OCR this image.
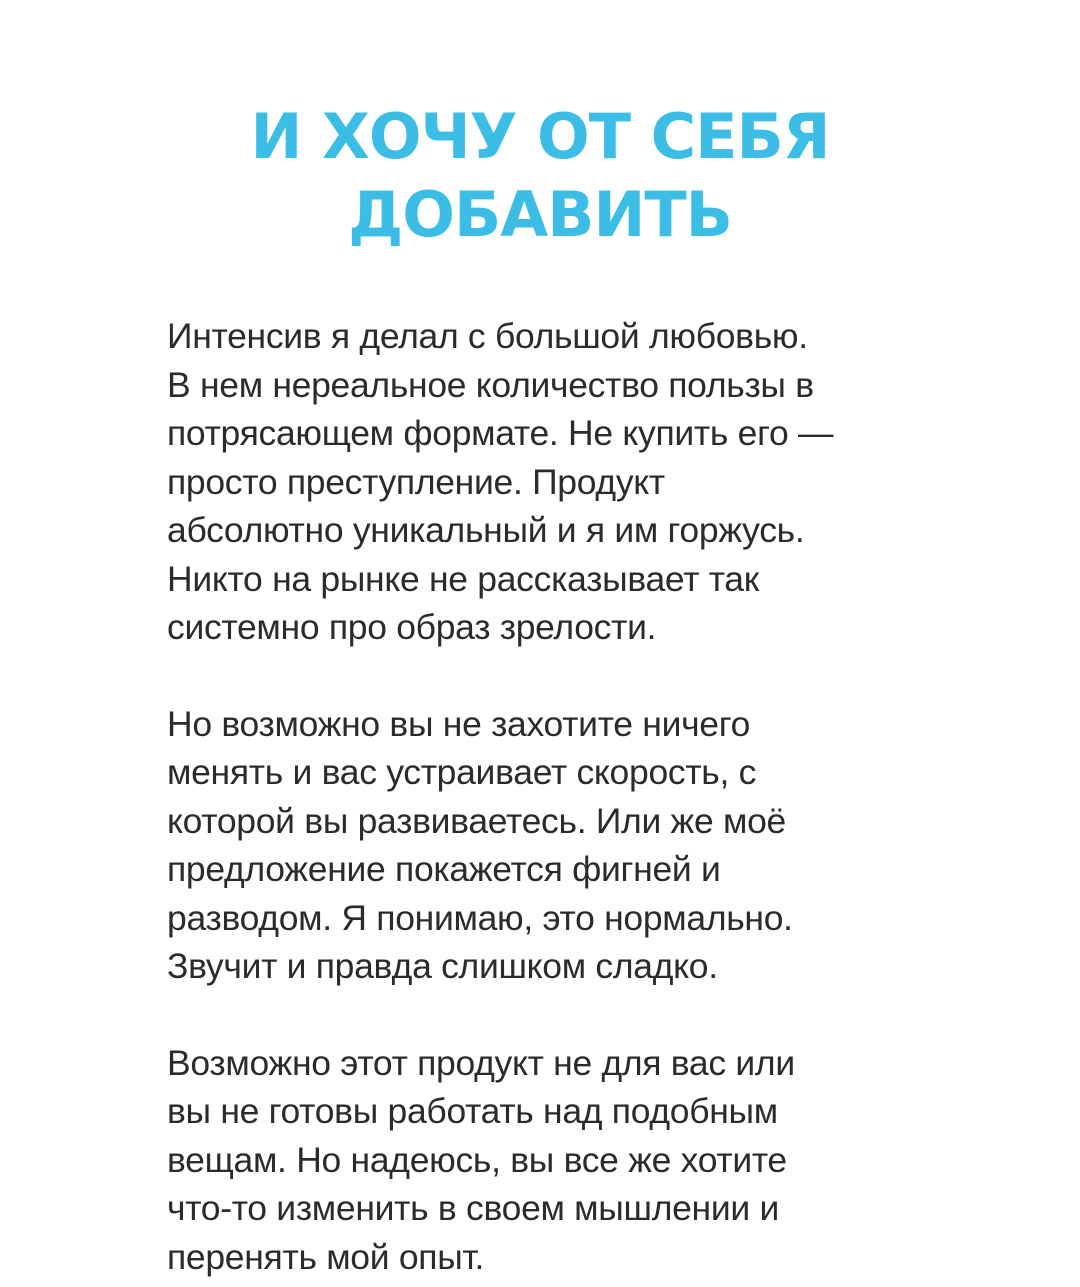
И ХОЧУ ОТ СЕБЯ
ДОБАВИТЬ

Интенсив я делал с большой любовью.
В нем нереальное количество пользы в
потрясающем формате. Не купить его —
просто преступление. Продукт
абсолютно уникальный и я им горжусь.
Никто на рынке не рассказывает так
системно про образ зрелости.

Но возможно вы не захотите ничего
менять и вас устраивает скорость, с
которой вы развиваетесь. Или же моё
предложение покажется фигней и
разводом. Я понимаю, это нормально.
Звучит и правда слишком сладко.

Возможно этот продукт не для вас или
вы не готовы работать над подобным
вещам. Но надеюсь, вы все же хотите
что-то изменить в своем мышлении и
перенять мой опыт.
